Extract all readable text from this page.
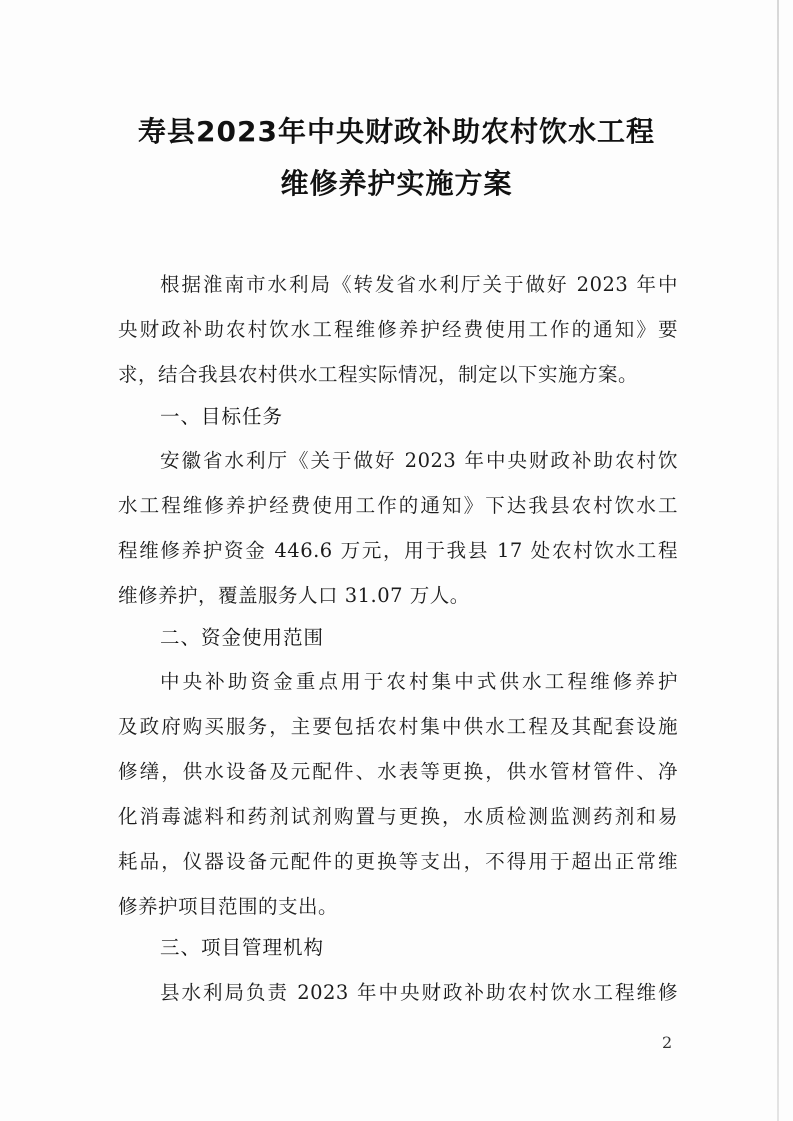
寿县2023年中央财政补助农村饮水工程
维修养护实施方案
根据淮南市水利局《转发省水利厅关于做好 2023 年中
央财政补助农村饮水工程维修养护经费使用工作的通知》要
求，结合我县农村供水工程实际情况，制定以下实施方案。
一、目标任务
安徽省水利厅《关于做好 2023 年中央财政补助农村饮
水工程维修养护经费使用工作的通知》下达我县农村饮水工
程维修养护资金 446.6 万元，用于我县 17 处农村饮水工程
维修养护，覆盖服务人口 31.07 万人。
二、资金使用范围
中央补助资金重点用于农村集中式供水工程维修养护
及政府购买服务，主要包括农村集中供水工程及其配套设施
修缮，供水设备及元配件、水表等更换，供水管材管件、净
化消毒滤料和药剂试剂购置与更换，水质检测监测药剂和易
耗品，仪器设备元配件的更换等支出，不得用于超出正常维
修养护项目范围的支出。
三、项目管理机构
县水利局负责 2023 年中央财政补助农村饮水工程维修
2
